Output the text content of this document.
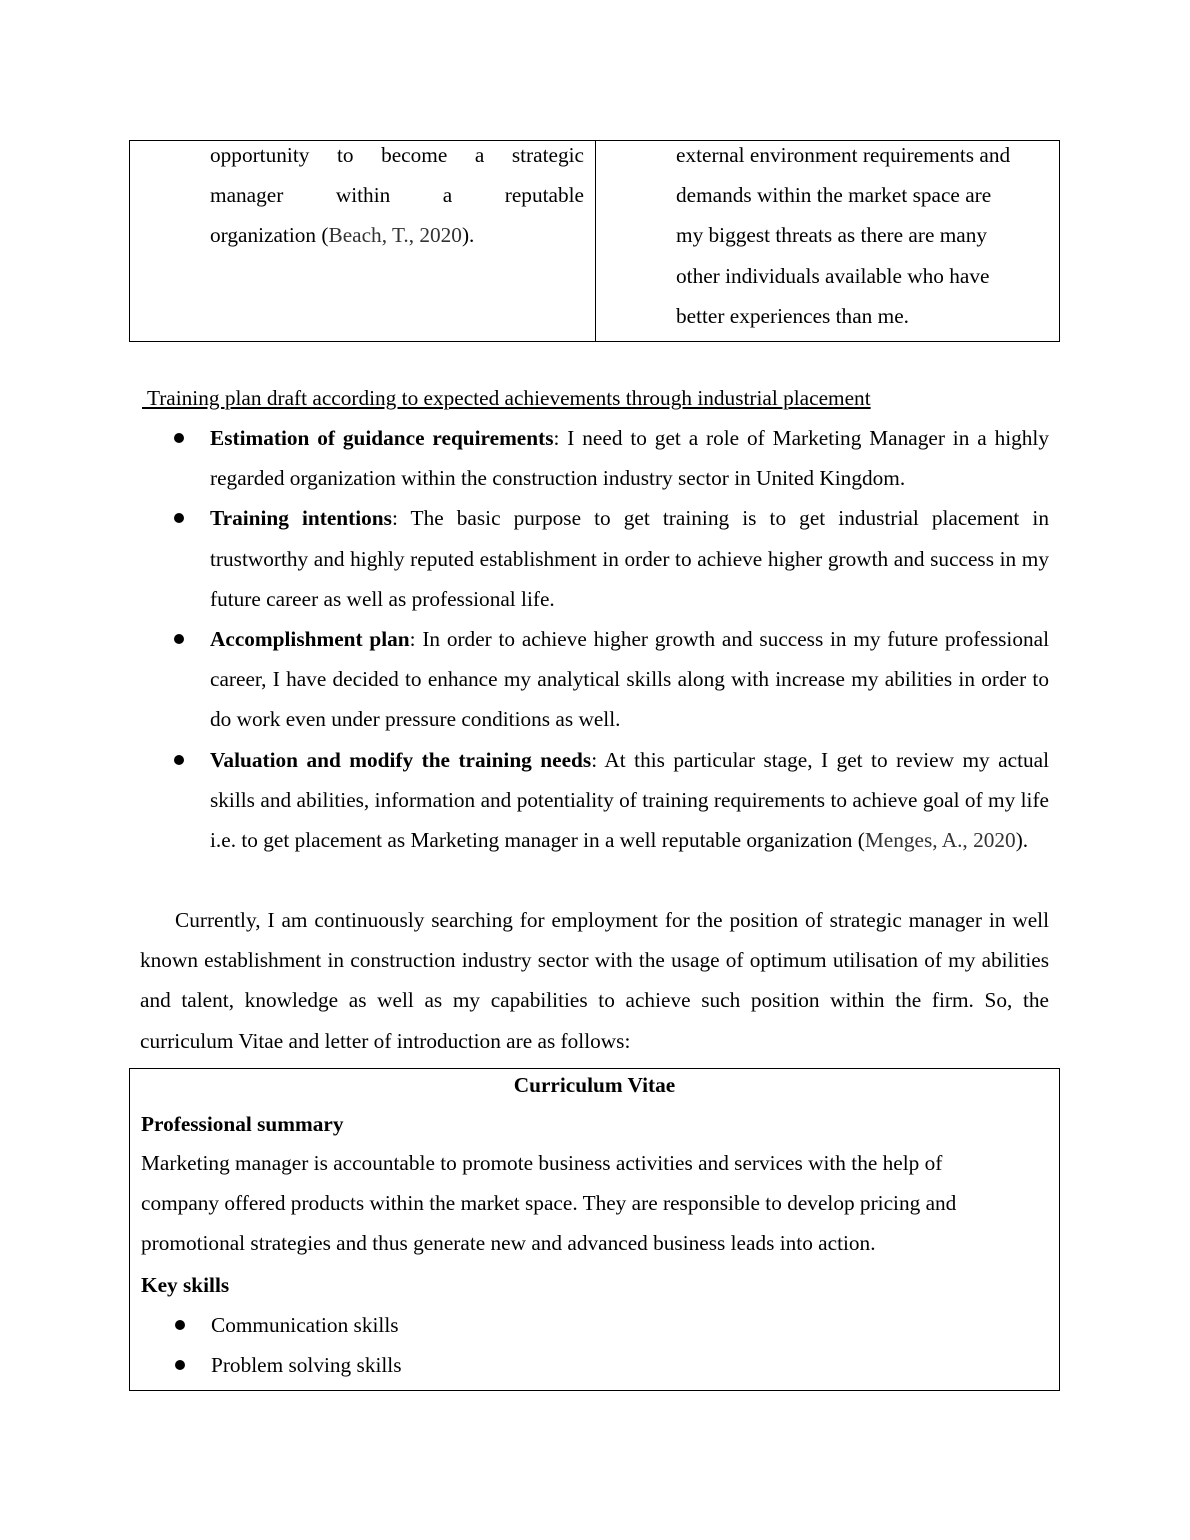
opportunity to become a strategic
manager within a reputable
organization (Beach, T., 2020).
external environment requirements and
demands within the market space are
my biggest threats as there are many
other individuals available who have
better experiences than me.
Training plan draft according to expected achievements through industrial placement
Estimation of guidance requirements: I need to get a role of Marketing Manager in a highly regarded organization within the construction industry sector in United Kingdom.
Training intentions: The basic purpose to get training is to get industrial placement in trustworthy and highly reputed establishment in order to achieve higher growth and success in my future career as well as professional life.
Accomplishment plan: In order to achieve higher growth and success in my future professional career, I have decided to enhance my analytical skills along with increase my abilities in order to do work even under pressure conditions as well.
Valuation and modify the training needs: At this particular stage, I get to review my actual skills and abilities, information and potentiality of training requirements to achieve goal of my life i.e. to get placement as Marketing manager in a well reputable organization (Menges, A., 2020).
Currently, I am continuously searching for employment for the position of strategic manager in well known establishment in construction industry sector with the usage of optimum utilisation of my abilities and talent, knowledge as well as my capabilities to achieve such position within the firm. So, the curriculum Vitae and letter of introduction are as follows:
Curriculum Vitae
Professional summary
Marketing manager is accountable to promote business activities and services with the help of
company offered products within the market space. They are responsible to develop pricing and
promotional strategies and thus generate new and advanced business leads into action.
Key skills
Communication skills
Problem solving skills
